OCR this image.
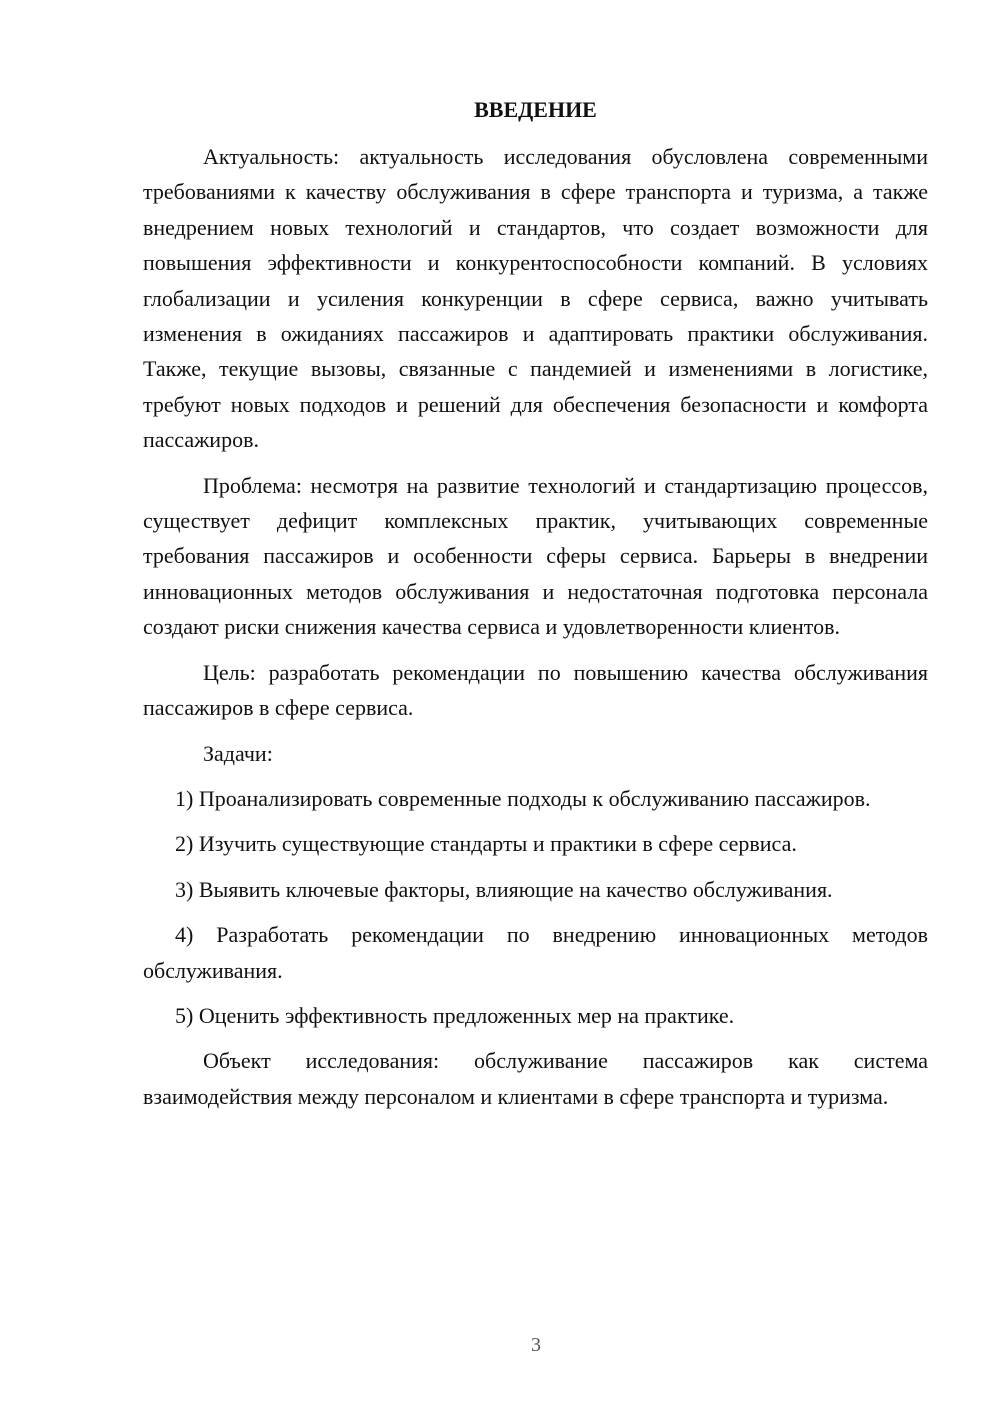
ВВЕДЕНИЕ

Актуальность: актуальность исследования обусловлена современными требованиями к качеству обслуживания в сфере транспорта и туризма, а также внедрением новых технологий и стандартов, что создает возможности для повышения эффективности и конкурентоспособности компаний. В условиях глобализации и усиления конкуренции в сфере сервиса, важно учитывать изменения в ожиданиях пассажиров и адаптировать практики обслуживания. Также, текущие вызовы, связанные с пандемией и изменениями в логистике, требуют новых подходов и решений для обеспечения безопасности и комфорта пассажиров.

Проблема: несмотря на развитие технологий и стандартизацию процессов, существует дефицит комплексных практик, учитывающих современные требования пассажиров и особенности сферы сервиса. Барьеры в внедрении инновационных методов обслуживания и недостаточная подготовка персонала создают риски снижения качества сервиса и удовлетворенности клиентов.

Цель: разработать рекомендации по повышению качества обслуживания пассажиров в сфере сервиса.

Задачи:

1) Проанализировать современные подходы к обслуживанию пассажиров.

2) Изучить существующие стандарты и практики в сфере сервиса.

3) Выявить ключевые факторы, влияющие на качество обслуживания.

4) Разработать рекомендации по внедрению инновационных методов обслуживания.

5) Оценить эффективность предложенных мер на практике.

Объект исследования: обслуживание пассажиров как система взаимодействия между персоналом и клиентами в сфере транспорта и туризма.

3
